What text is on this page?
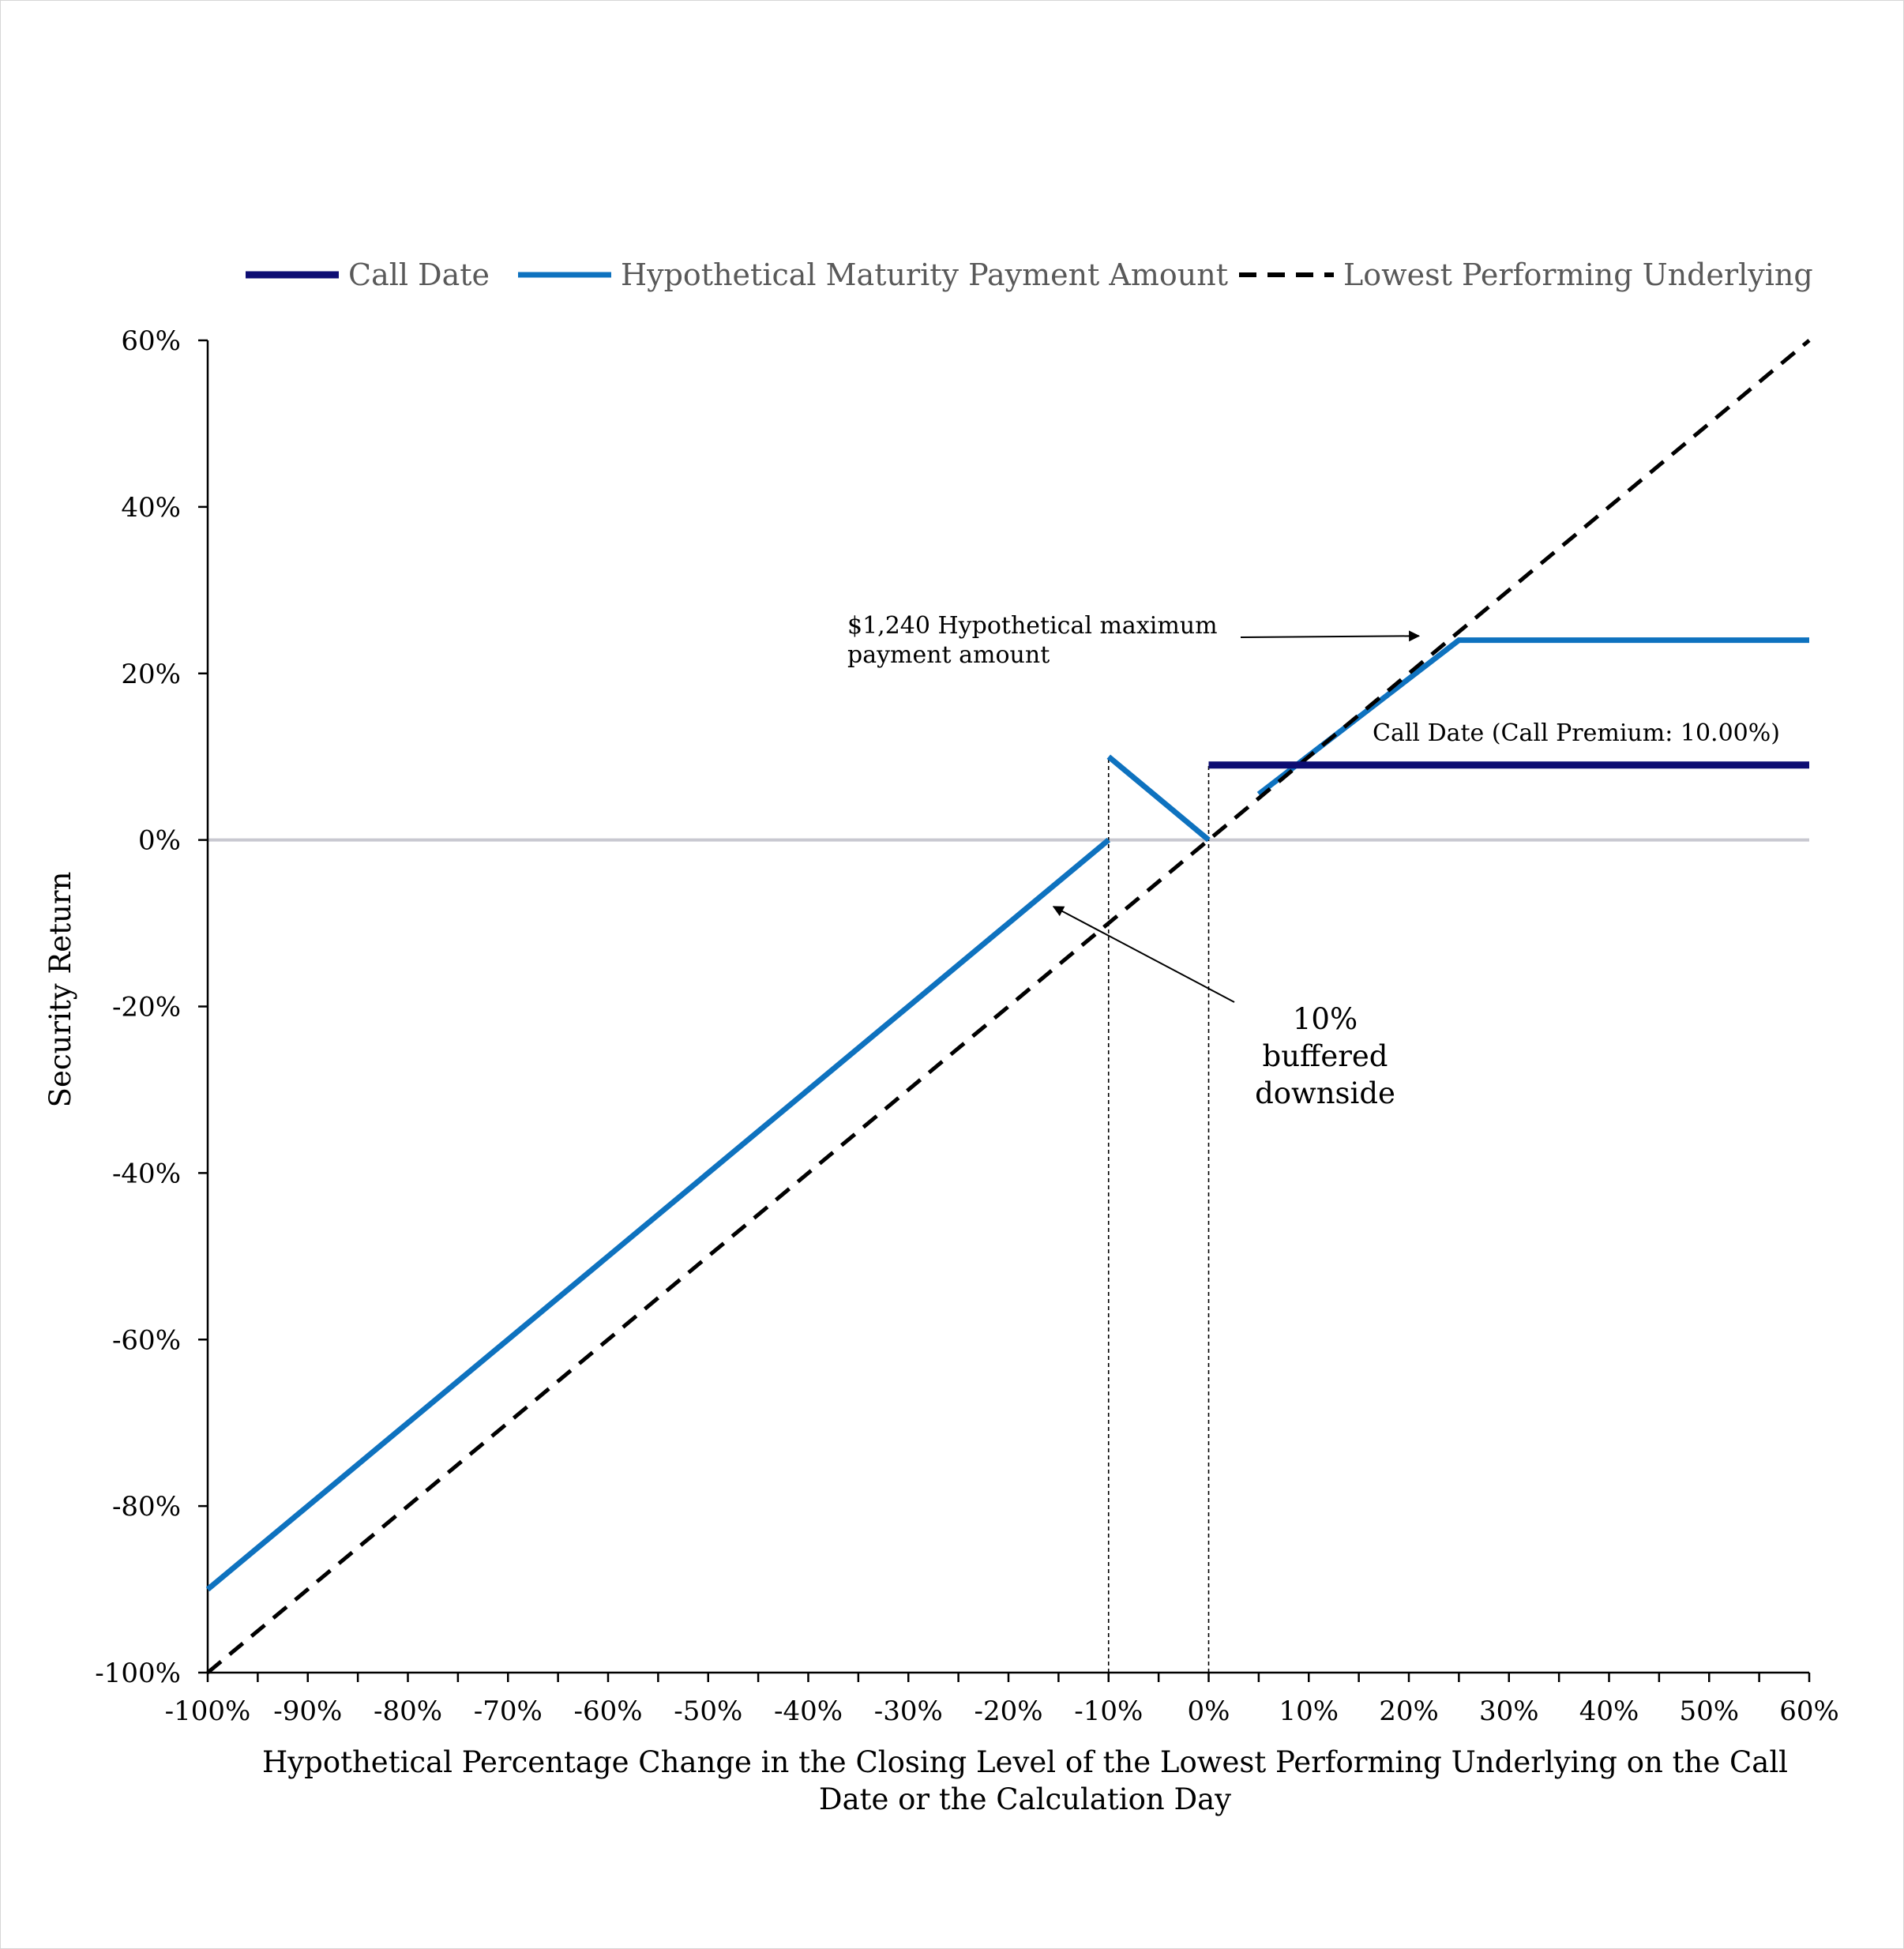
Call Date	Hypothetical Maturity Payment Amount	Lowest Performing Underlying
-100% -90% -80% -70% -60% -50% -40% -30% -20% -10% 0% 10% 20% 30% 40% 50% 60%
-100%
-80%
-60%
-40%
-20%
0%
20%
40%
60%
Hypothetical Percentage Change in the Closing Level of the Lowest Performing Underlying on the Call
Date or the Calculation Day
Security Return
$1,240 Hypothetical maximum
payment amount
Call Date (Call Premium: 10.00%)
10%
buffered
downside
